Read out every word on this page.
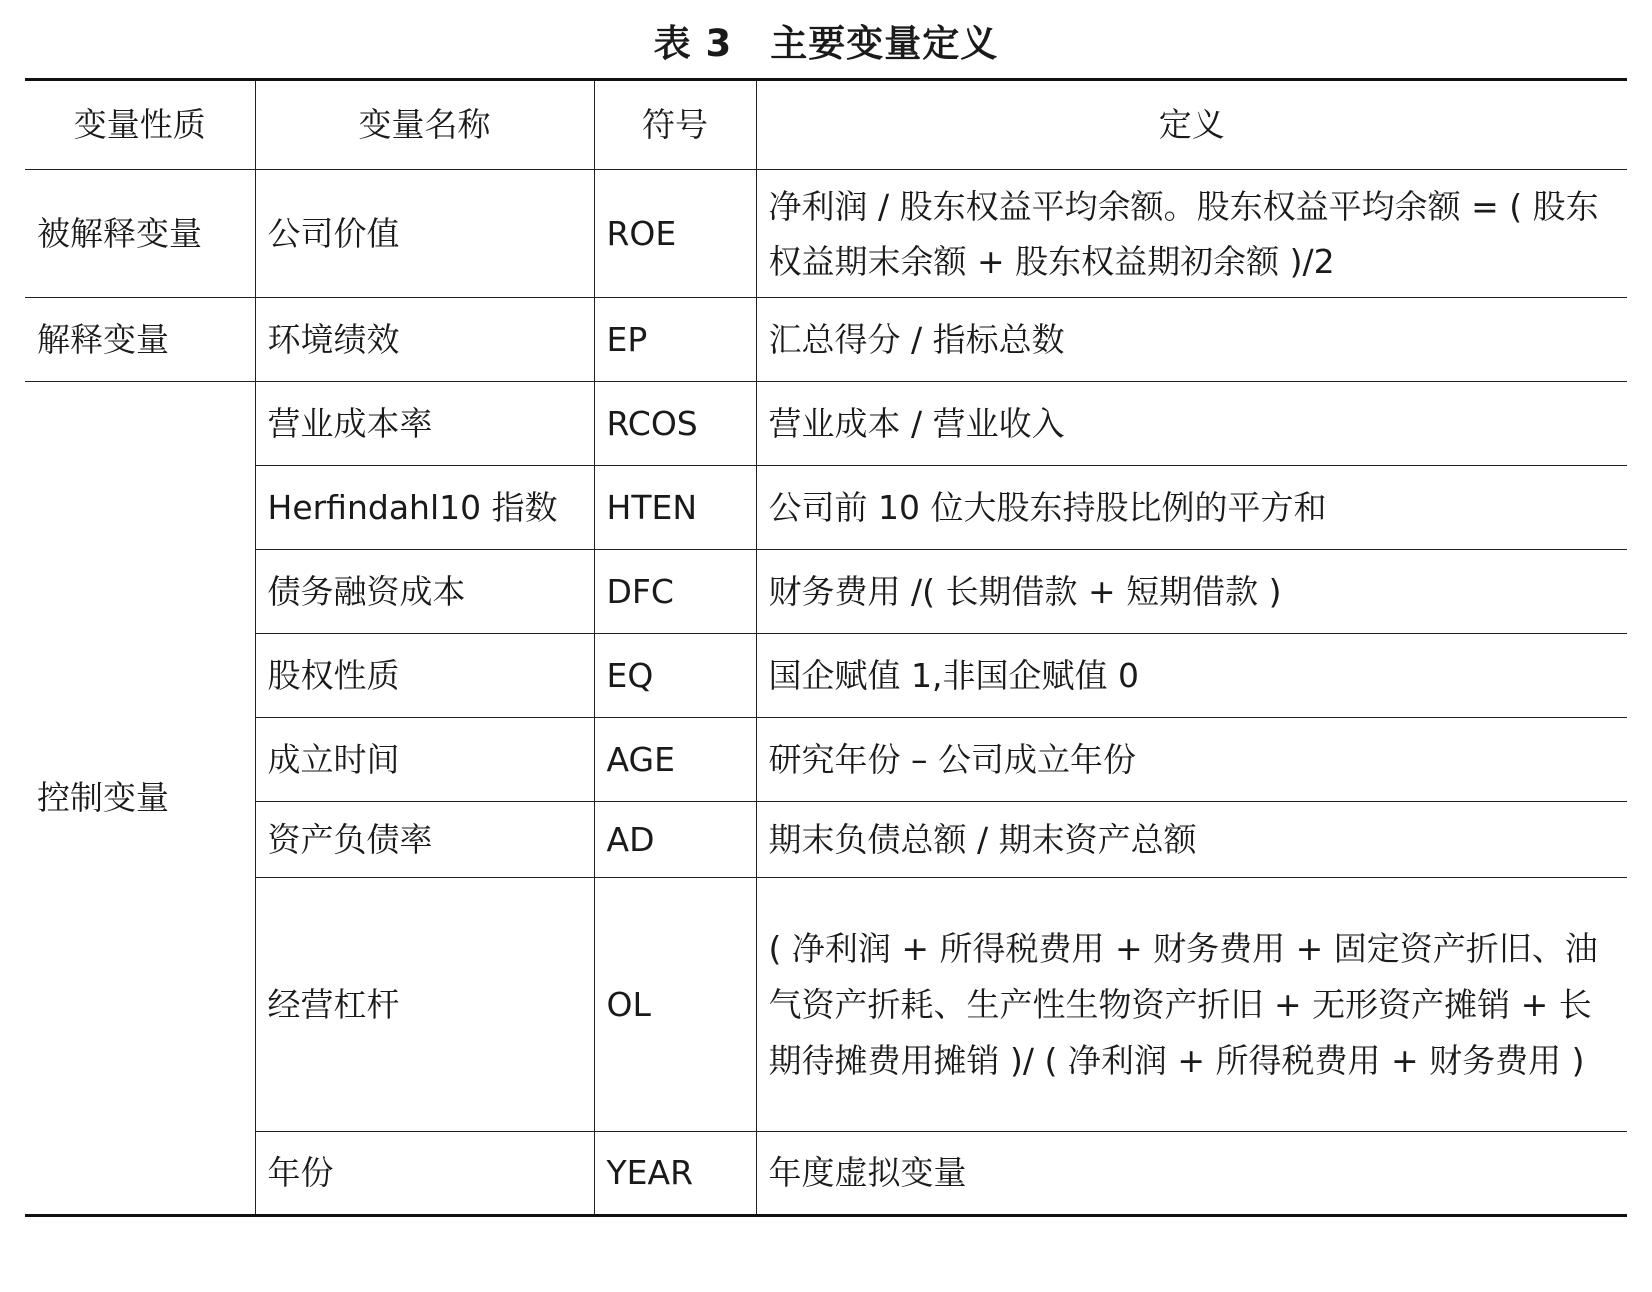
表 3　主要变量定义
变量性质	变量名称	符号	定义
被解释变量	公司价值	ROE	净利润 / 股东权益平均余额。股东权益平均余额 = ( 股东权益期末余额 + 股东权益期初余额 )/2
解释变量	环境绩效	EP	汇总得分 / 指标总数
控制变量	营业成本率	RCOS	营业成本 / 营业收入
	Herfindahl10 指数	HTEN	公司前 10 位大股东持股比例的平方和
	债务融资成本	DFC	财务费用 /( 长期借款 + 短期借款 )
	股权性质	EQ	国企赋值 1,非国企赋值 0
	成立时间	AGE	研究年份 – 公司成立年份
	资产负债率	AD	期末负债总额 / 期末资产总额
	经营杠杆	OL	( 净利润 + 所得税费用 + 财务费用 + 固定资产折旧、油气资产折耗、生产性生物资产折旧 + 无形资产摊销 + 长期待摊费用摊销 )/ ( 净利润 + 所得税费用 + 财务费用 )
	年份	YEAR	年度虚拟变量
